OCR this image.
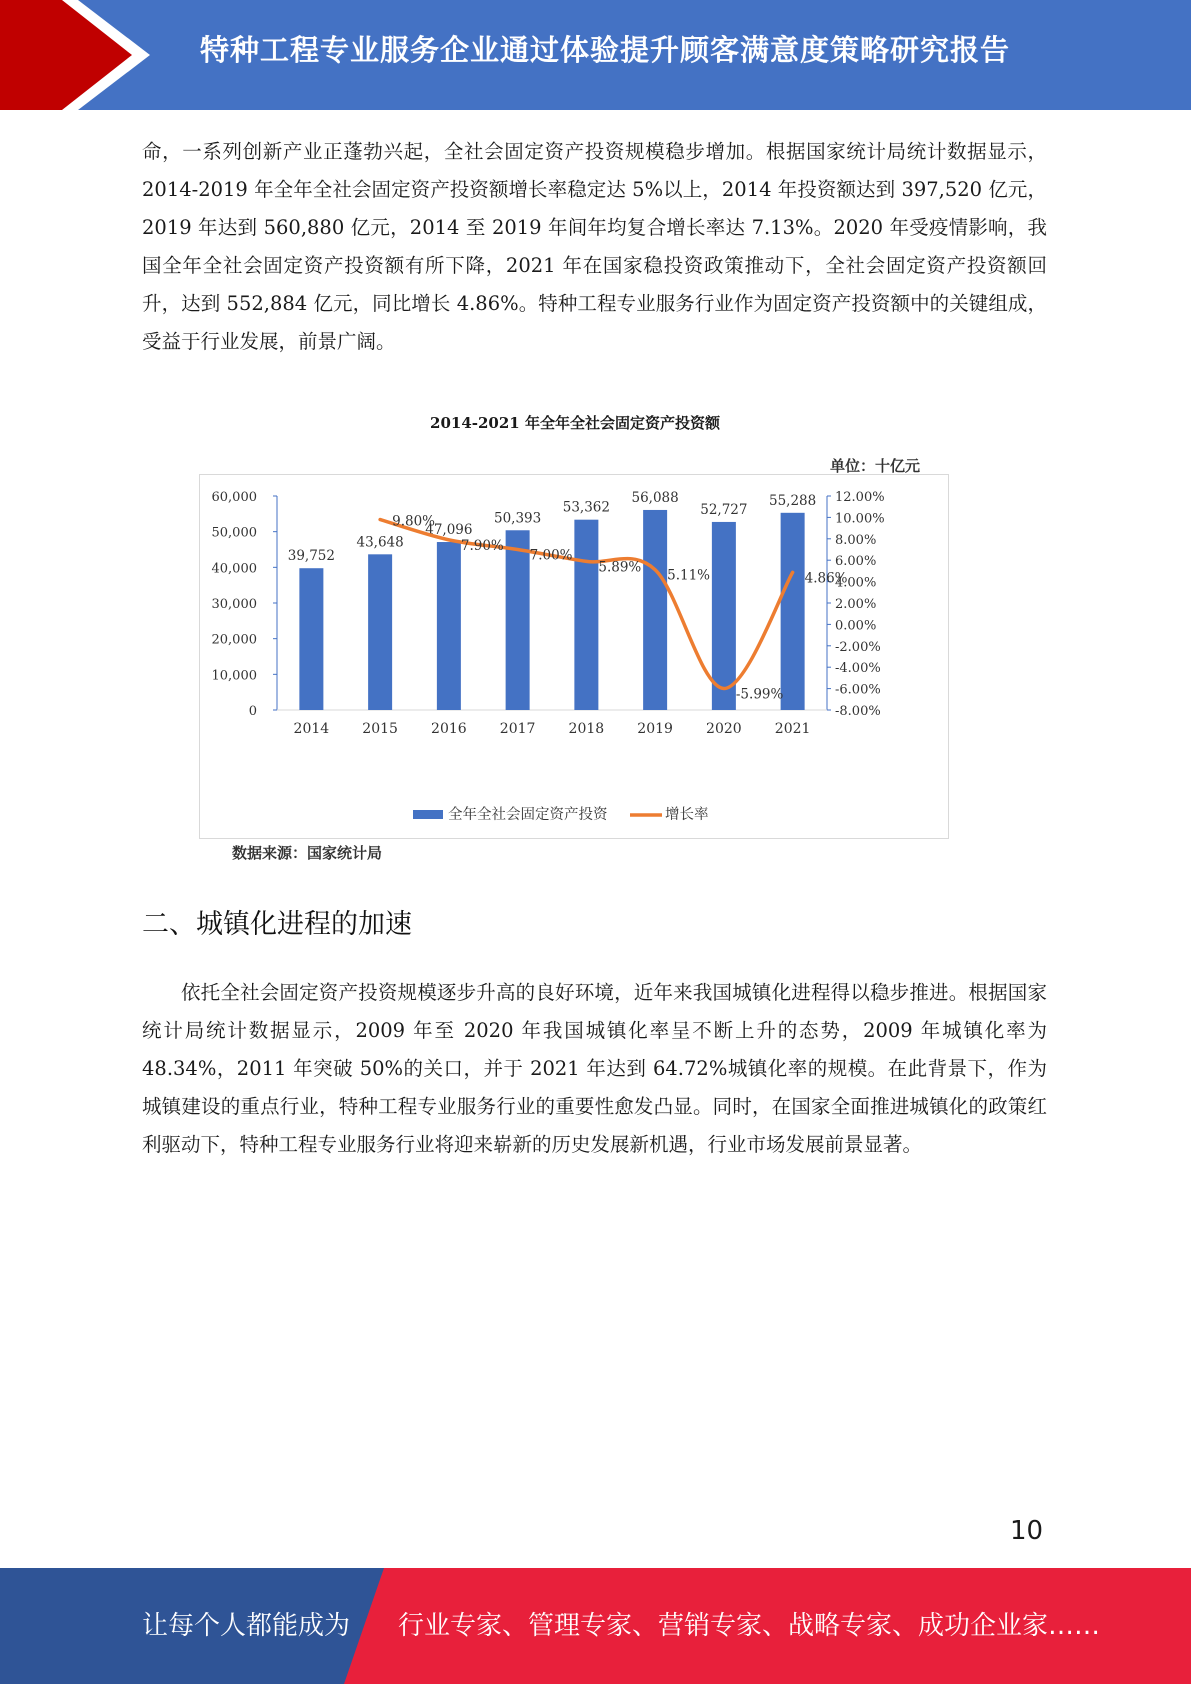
特种工程专业服务企业通过体验提升顾客满意度策略研究报告
命，一系列创新产业正蓬勃兴起，全社会固定资产投资规模稳步增加。根据国家统计局统计数据显示，2014-2019 年全年全社会固定资产投资额增长率稳定达 5%以上，2014 年投资额达到 397,520 亿元，2019 年达到 560,880 亿元，2014 至 2019 年间年均复合增长率达 7.13%。2020 年受疫情影响，我国全年全社会固定资产投资额有所下降，2021 年在国家稳投资政策推动下，全社会固定资产投资额回升，达到 552,884 亿元，同比增长 4.86%。特种工程专业服务行业作为固定资产投资额中的关键组成，受益于行业发展，前景广阔。
2014-2021 年全年全社会固定资产投资额
单位：十亿元
0
10,000
20,000
30,000
40,000
50,000
60,000
-8.00%
-6.00%
-4.00%
-2.00%
0.00%
2.00%
4.00%
6.00%
8.00%
10.00%
12.00%
39,752
2014
43,648
2015
47,096
2016
50,393
2017
53,362
2018
56,088
2019
52,727
2020
55,288
2021
9.80%
7.90%
7.00%
5.89%
5.11%
-5.99%
4.86%
全年全社会固定资产投资	增长率
数据来源：国家统计局
二、城镇化进程的加速
依托全社会固定资产投资规模逐步升高的良好环境，近年来我国城镇化进程得以稳步推进。根据国家统计局统计数据显示，2009 年至 2020 年我国城镇化率呈不断上升的态势，2009 年城镇化率为 48.34%，2011 年突破 50%的关口，并于 2021 年达到 64.72%城镇化率的规模。在此背景下，作为城镇建设的重点行业，特种工程专业服务行业的重要性愈发凸显。同时，在国家全面推进城镇化的政策红利驱动下，特种工程专业服务行业将迎来崭新的历史发展新机遇，行业市场发展前景显著。
10
让每个人都能成为 行业专家、管理专家、营销专家、战略专家、成功企业家……
